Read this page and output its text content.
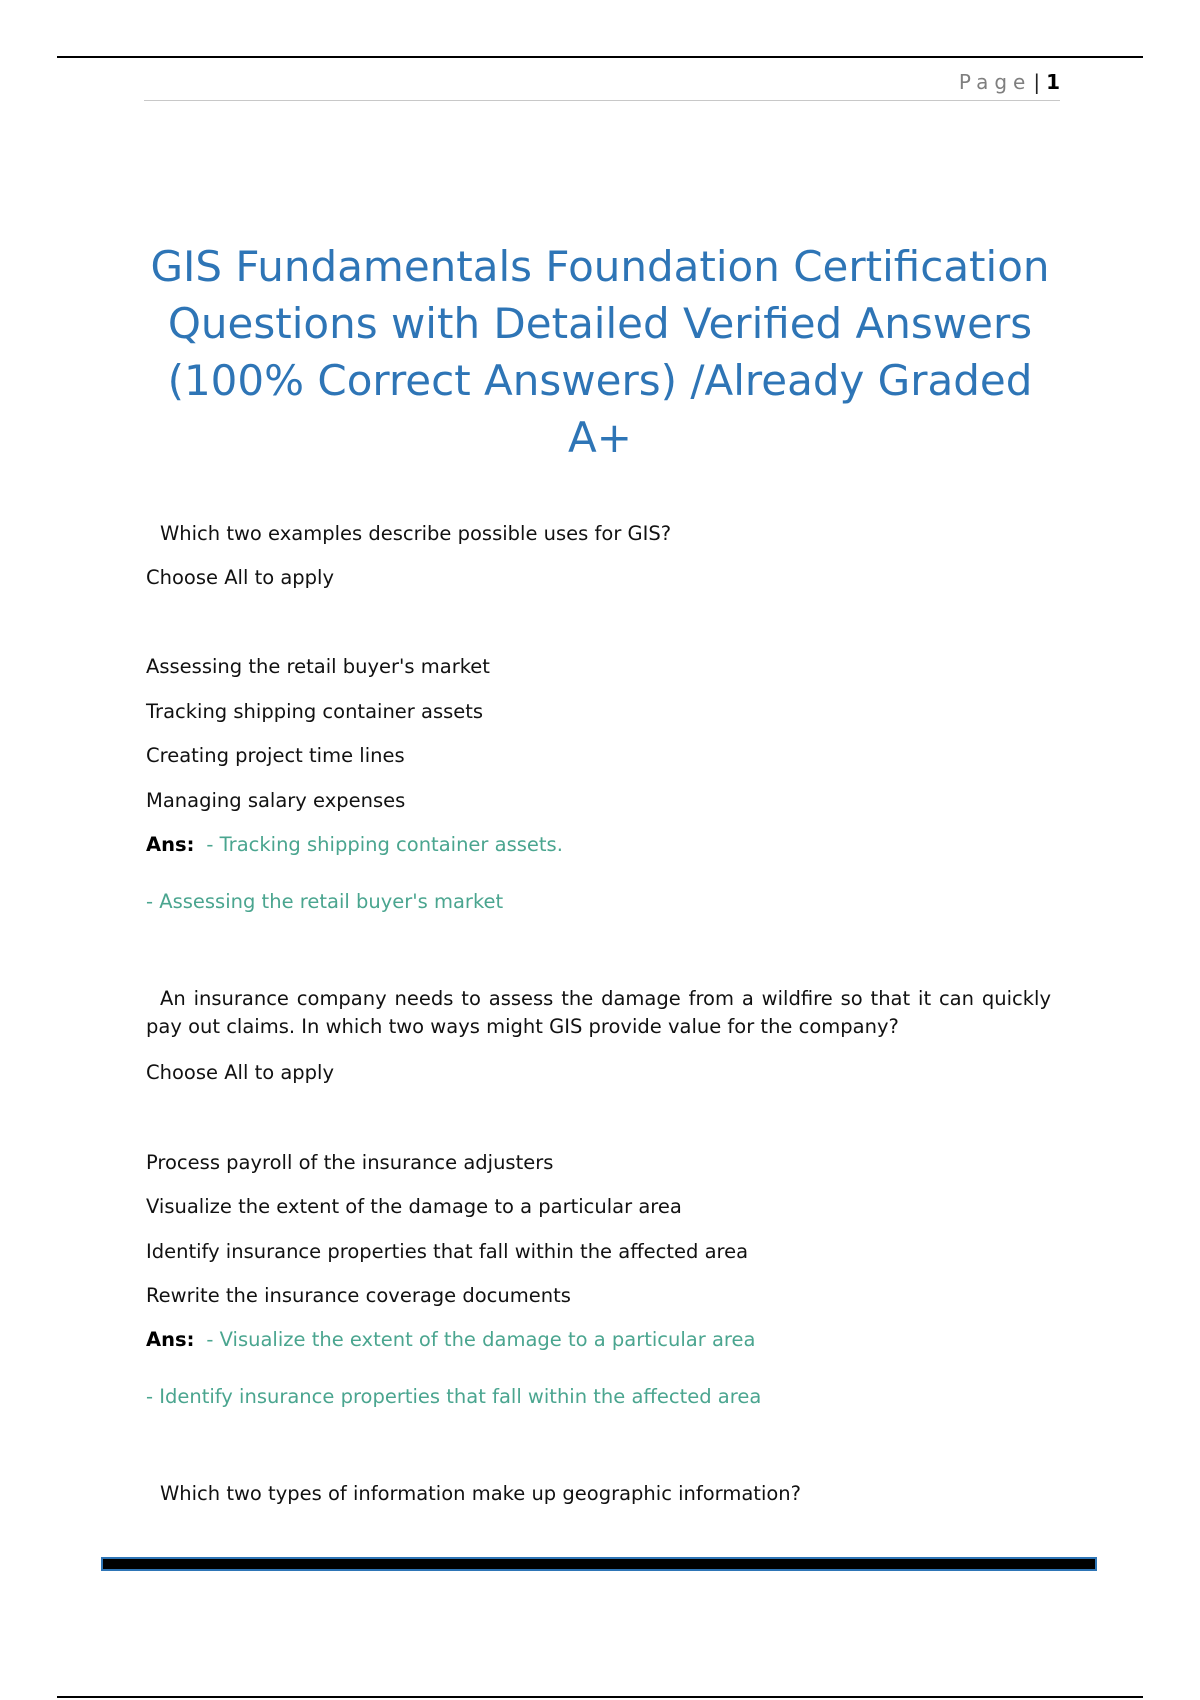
Page | 1
GIS Fundamentals Foundation Certification Questions with Detailed Verified Answers (100% Correct Answers) /Already Graded A+
Which two examples describe possible uses for GIS?
Choose All to apply
Assessing the retail buyer's market
Tracking shipping container assets
Creating project time lines
Managing salary expenses
Ans: - Tracking shipping container assets.
- Assessing the retail buyer's market
An insurance company needs to assess the damage from a wildfire so that it can quickly pay out claims. In which two ways might GIS provide value for the company?
Choose All to apply
Process payroll of the insurance adjusters
Visualize the extent of the damage to a particular area
Identify insurance properties that fall within the affected area
Rewrite the insurance coverage documents
Ans: - Visualize the extent of the damage to a particular area
- Identify insurance properties that fall within the affected area
Which two types of information make up geographic information?
